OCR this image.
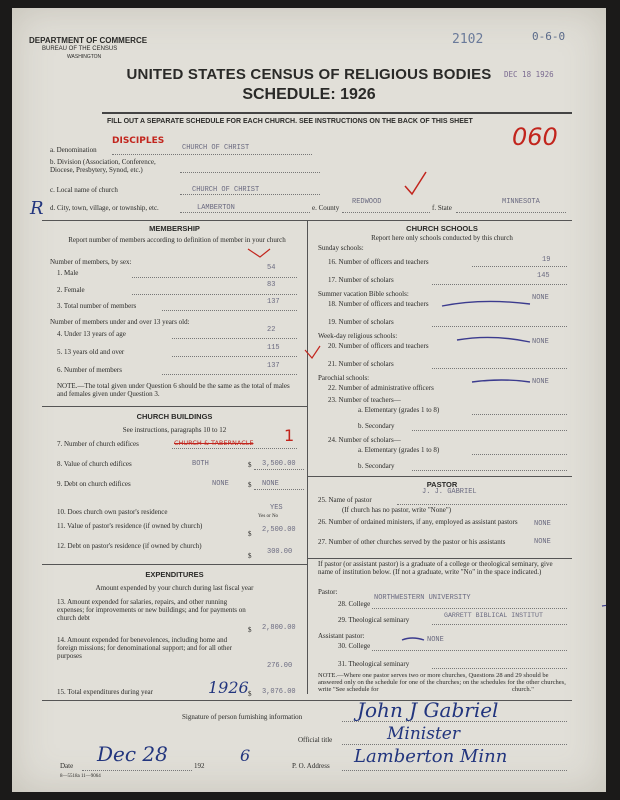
DEPARTMENT OF COMMERCE
BUREAU OF THE CENSUS
WASHINGTON
2102	0-6-0
UNITED STATES CENSUS OF RELIGIOUS BODIES
SCHEDULE: 1926
DEC 18 1926
FILL OUT A SEPARATE SCHEDULE FOR EACH CHURCH. SEE INSTRUCTIONS ON THE BACK OF THIS SHEET
060
a. Denomination
DISCIPLES
CHURCH OF CHRIST
b. Division (Association, Conference, Diocese, Presbytery, Synod, etc.)
c. Local name of church	CHURCH OF CHRIST
R d. City, town, village, or township, etc.	LAMBERTON	e. County
REDWOOD
f. State
MINNESOTA
MEMBERSHIP
Report number of members according to definition of member in your church
Number of members, by sex:
1. Male
54
2. Female
83
3. Total number of members	137
Number of members under and over 13 years old:
4. Under 13 years of age	22
5. 13 years old and over	115
6. Number of members	137
NOTE.—The total given under Question 6 should be the same as the total of males and females given under Question 3.
CHURCH BUILDINGS
See instructions, paragraphs 10 to 12
7. Number of church edifices	CHURCH & TABERNACLE 1
8. Value of church edifices	BOTH	$ 3,500.00
9. Debt on church edifices	NONE	$ NONE
10. Does church own pastor's residence	YES
Yes or No
11. Value of pastor's residence (if owned by church)
$ 2,500.00
12. Debt on pastor's residence (if owned by church)
$ 300.00
EXPENDITURES
Amount expended by your church during last fiscal year
13. Amount expended for salaries, repairs, and other running expenses; for improvements or new buildings; and for payments on church debt
$ 2,800.00
14. Amount expended for benevolences, including home and foreign missions; for denominational support; and for all other purposes
276.00
15. Total expenditures during year	1926 $ 3,076.00
CHURCH SCHOOLS
Report here only schools conducted by this church
Sunday schools:
16. Number of officers and teachers	19
17. Number of scholars	145
Summer vacation Bible schools:
18. Number of officers and teachers
NONE
19. Number of scholars
Week-day religious schools:
20. Number of officers and teachers	NONE
21. Number of scholars
Parochial schools:
22. Number of administrative officers
NONE
23. Number of teachers—
a. Elementary (grades 1 to 8)
b. Secondary
24. Number of scholars—
a. Elementary (grades 1 to 8)
b. Secondary
PASTOR
25. Name of pastor
J. J. GABRIEL
(If church has no pastor, write "None")
26. Number of ordained ministers, if any, employed as assistant pastors NONE
27. Number of other churches served by the pastor or his assistants	NONE
If pastor (or assistant pastor) is a graduate of a college or theological seminary, give name of institution below. (If not a graduate, write "No" in the space indicated.)
Pastor:
28. College
NORTHWESTERN UNIVERSITY
29. Theological seminary
GARRETT BIBLICAL INSTITUT
Assistant pastor:
30. College
NONE
31. Theological seminary
NOTE.—Where one pastor serves two or more churches, Questions 28 and 29 should be answered only on the schedule for one of the churches; on the schedules for the other churches, write "See schedule for	church."
Signature of person furnishing information	John J Gabriel
Official title	Minister
Date Dec 28	192
6
P. O. Address Lamberton Minn
8—5518a 11—9064
